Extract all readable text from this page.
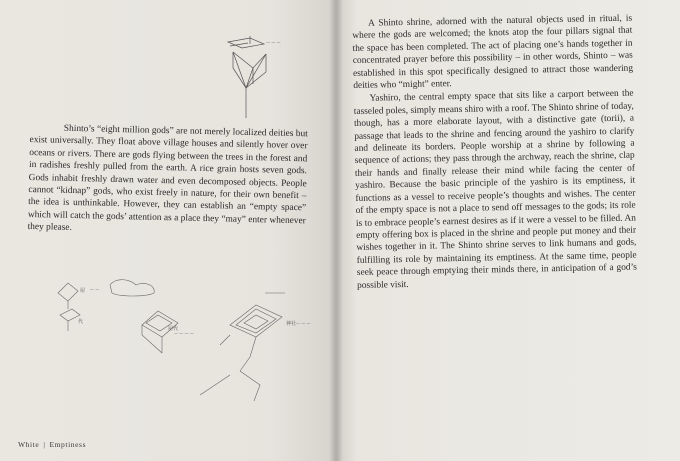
— — —
Shinto’s “eight million gods” are not merely localized deities but exist universally. They float above village houses and silently hover over oceans or rivers. There are gods flying between the trees in the forest and in radishes freshly pulled from the earth. A rice grain hosts seven gods. Gods inhabit freshly drawn water and even decomposed objects. People cannot “kidnap” gods, who exist freely in nature, for their own benefit – the idea is unthinkable. However, they can establish an “empty space” which will catch the gods’ attention as a place they “may” enter whenever they please.
— —
屋
代
屋代
神社
— — — —
— — —
White | Emptiness

A Shinto shrine, adorned with the natural objects used in ritual, is where the gods are welcomed; the knots atop the four pillars signal that the space has been completed. The act of placing one’s hands together in concentrated prayer before this possibility – in other words, Shinto – was established in this spot specifically designed to attract those wandering deities who “might” enter.

Yashiro, the central empty space that sits like a carport between the tasseled poles, simply means shiro with a roof. The Shinto shrine of today, though, has a more elaborate layout, with a distinctive gate (torii), a passage that leads to the shrine and fencing around the yashiro to clarify and delineate its borders. People worship at a shrine by following a sequence of actions; they pass through the archway, reach the shrine, clap their hands and finally release their mind while facing the center of yashiro. Because the basic principle of the yashiro is its emptiness, it functions as a vessel to receive people’s thoughts and wishes. The center of the empty space is not a place to send off messages to the gods; its role is to embrace people’s earnest desires as if it were a vessel to be filled. An empty offering box is placed in the shrine and people put money and their wishes together in it. The Shinto shrine serves to link humans and gods, fulfilling its role by maintaining its emptiness. At the same time, people seek peace through emptying their minds there, in anticipation of a god’s possible visit.
